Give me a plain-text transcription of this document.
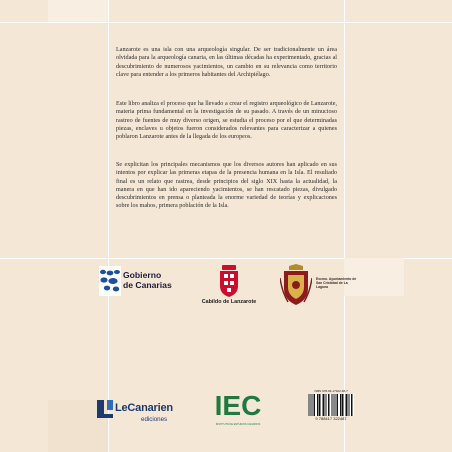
Lanzarote es una isla con una arqueología singular. De ser tradicionalmente un área olvidada para la arqueología canaria, en las últimas décadas ha experimentado, gracias al descubrimiento de numerosos yacimientos, un cambio en su relevancia como territorio clave para entender a los primeros habitantes del Archipiélago.

Este libro analiza el proceso que ha llevado a crear el registro arqueológico de Lanzarote, materia prima fundamental en la investigación de su pasado. A través de un minucioso rastreo de fuentes de muy diverso origen, se estudia el proceso por el que determinadas piezas, enclaves u objetos fueron considerados relevantes para caracterizar a quienes poblaron Lanzarote antes de la llegada de los europeos.

Se explicitan los principales mecanismos que los diversos autores han aplicado en sus intentos por explicar las primeras etapas de la presencia humana en la Isla. El resultado final es un relato que rastrea, desde principios del siglo XIX hasta la actualidad, la manera en que han ido apareciendo yacimientos, se han rescatado piezas, divulgado descubrimientos en prensa o planteada la enorme variedad de teorías y explicaciones sobre los mahos, primera población de la Isla.

Gobierno
de Canarias
Cabildo de Lanzarote
Excmo. Ayuntamiento de
San Cristóbal de La Laguna
LeCanarien
ediciones IEC
INSTITUTO DE ESTUDIOS CANARIOS
ISBN 978-84-17322-48-7
9 788417 322487
